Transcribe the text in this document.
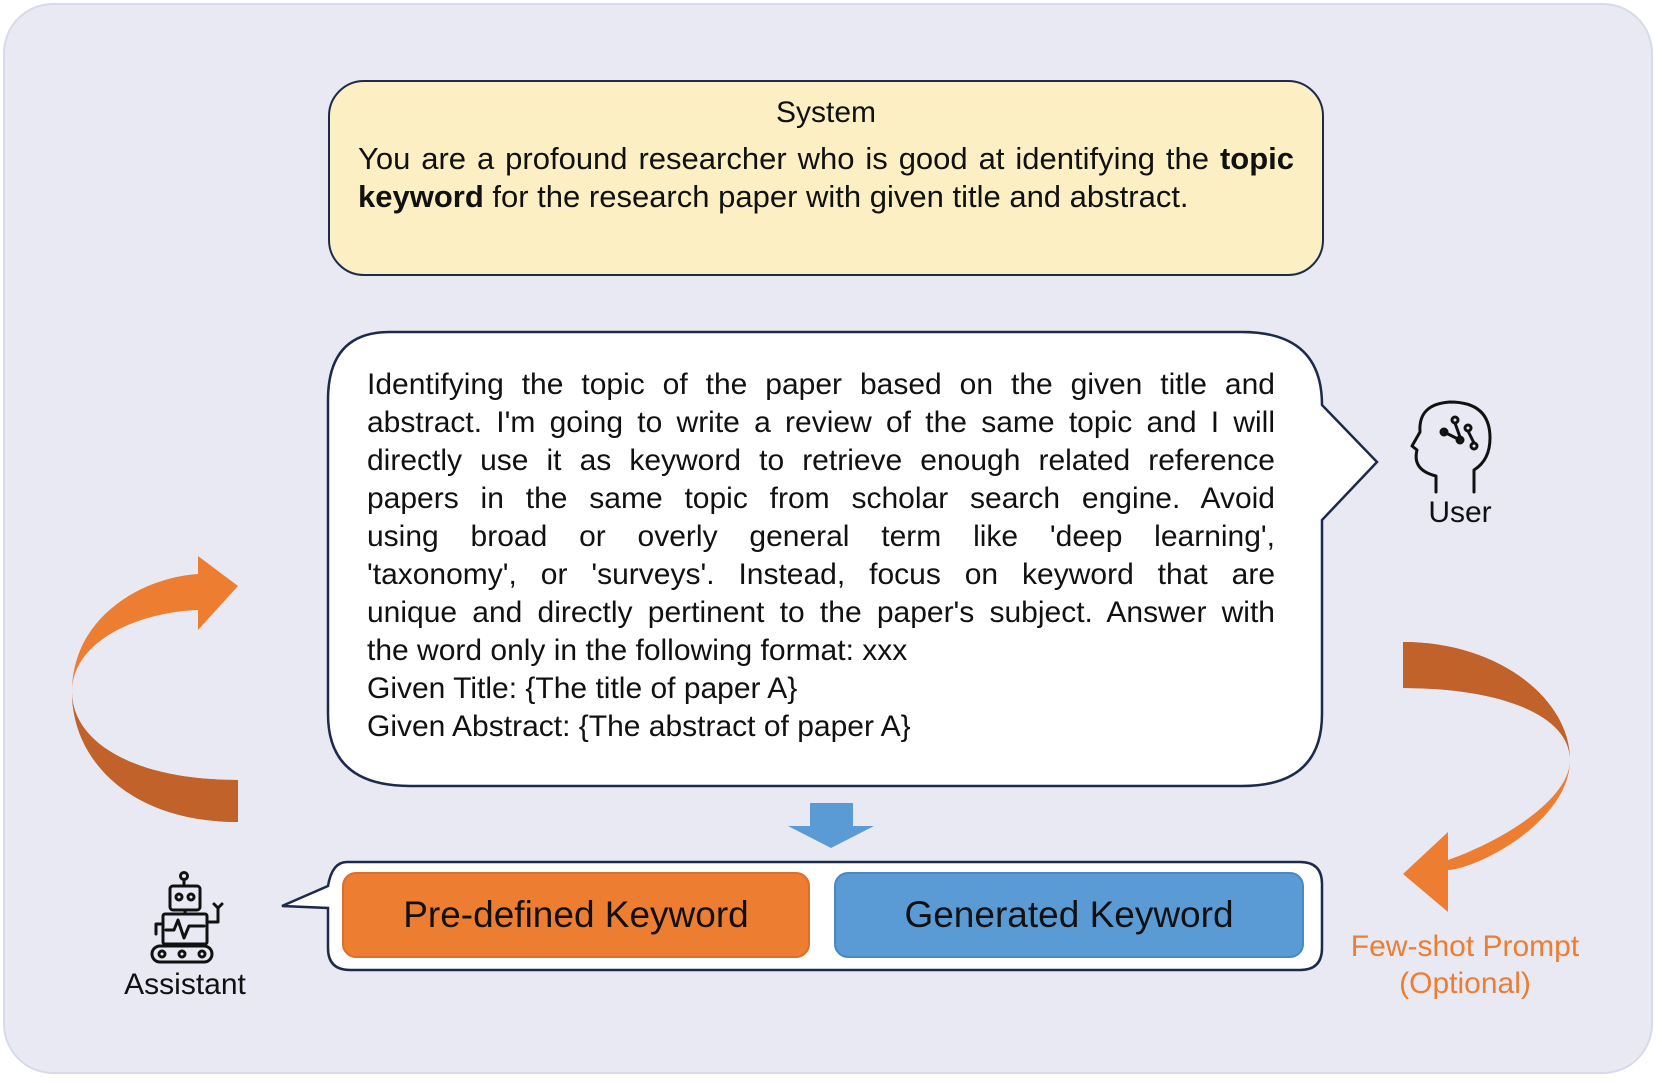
System
You are a profound researcher who is good at identifying the topic keyword for the research paper with given title and abstract.
Identifying the topic of the paper based on the given title and
abstract. I'm going to write a review of the same topic and I will
directly use it as keyword to retrieve enough related reference
papers in the same topic from scholar search engine. Avoid
using broad or overly general term like 'deep learning',
'taxonomy', or 'surveys'. Instead, focus on keyword that are
unique and directly pertinent to the paper's subject. Answer with
the word only in the following format: xxx
Given Title: {The title of paper A}
Given Abstract: {The abstract of paper A}
User
Assistant
Pre-defined Keyword	Generated Keyword
Few-shot Prompt
(Optional)
